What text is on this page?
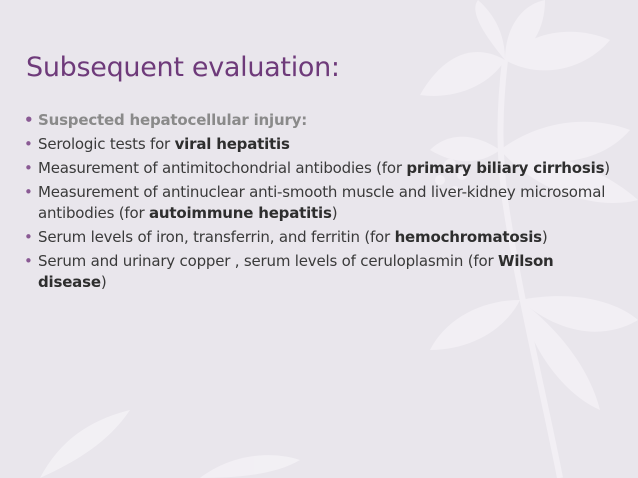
Subsequent evaluation:
• Suspected hepatocellular injury:
• Serologic tests for viral hepatitis
• Measurement of antimitochondrial antibodies (for primary biliary cirrhosis)
• Measurement of antinuclear anti-smooth muscle and liver-kidney microsomal antibodies (for autoimmune hepatitis)
• Serum levels of iron, transferrin, and ferritin (for hemochromatosis)
• Serum and urinary copper , serum levels of ceruloplasmin (for Wilson disease)
